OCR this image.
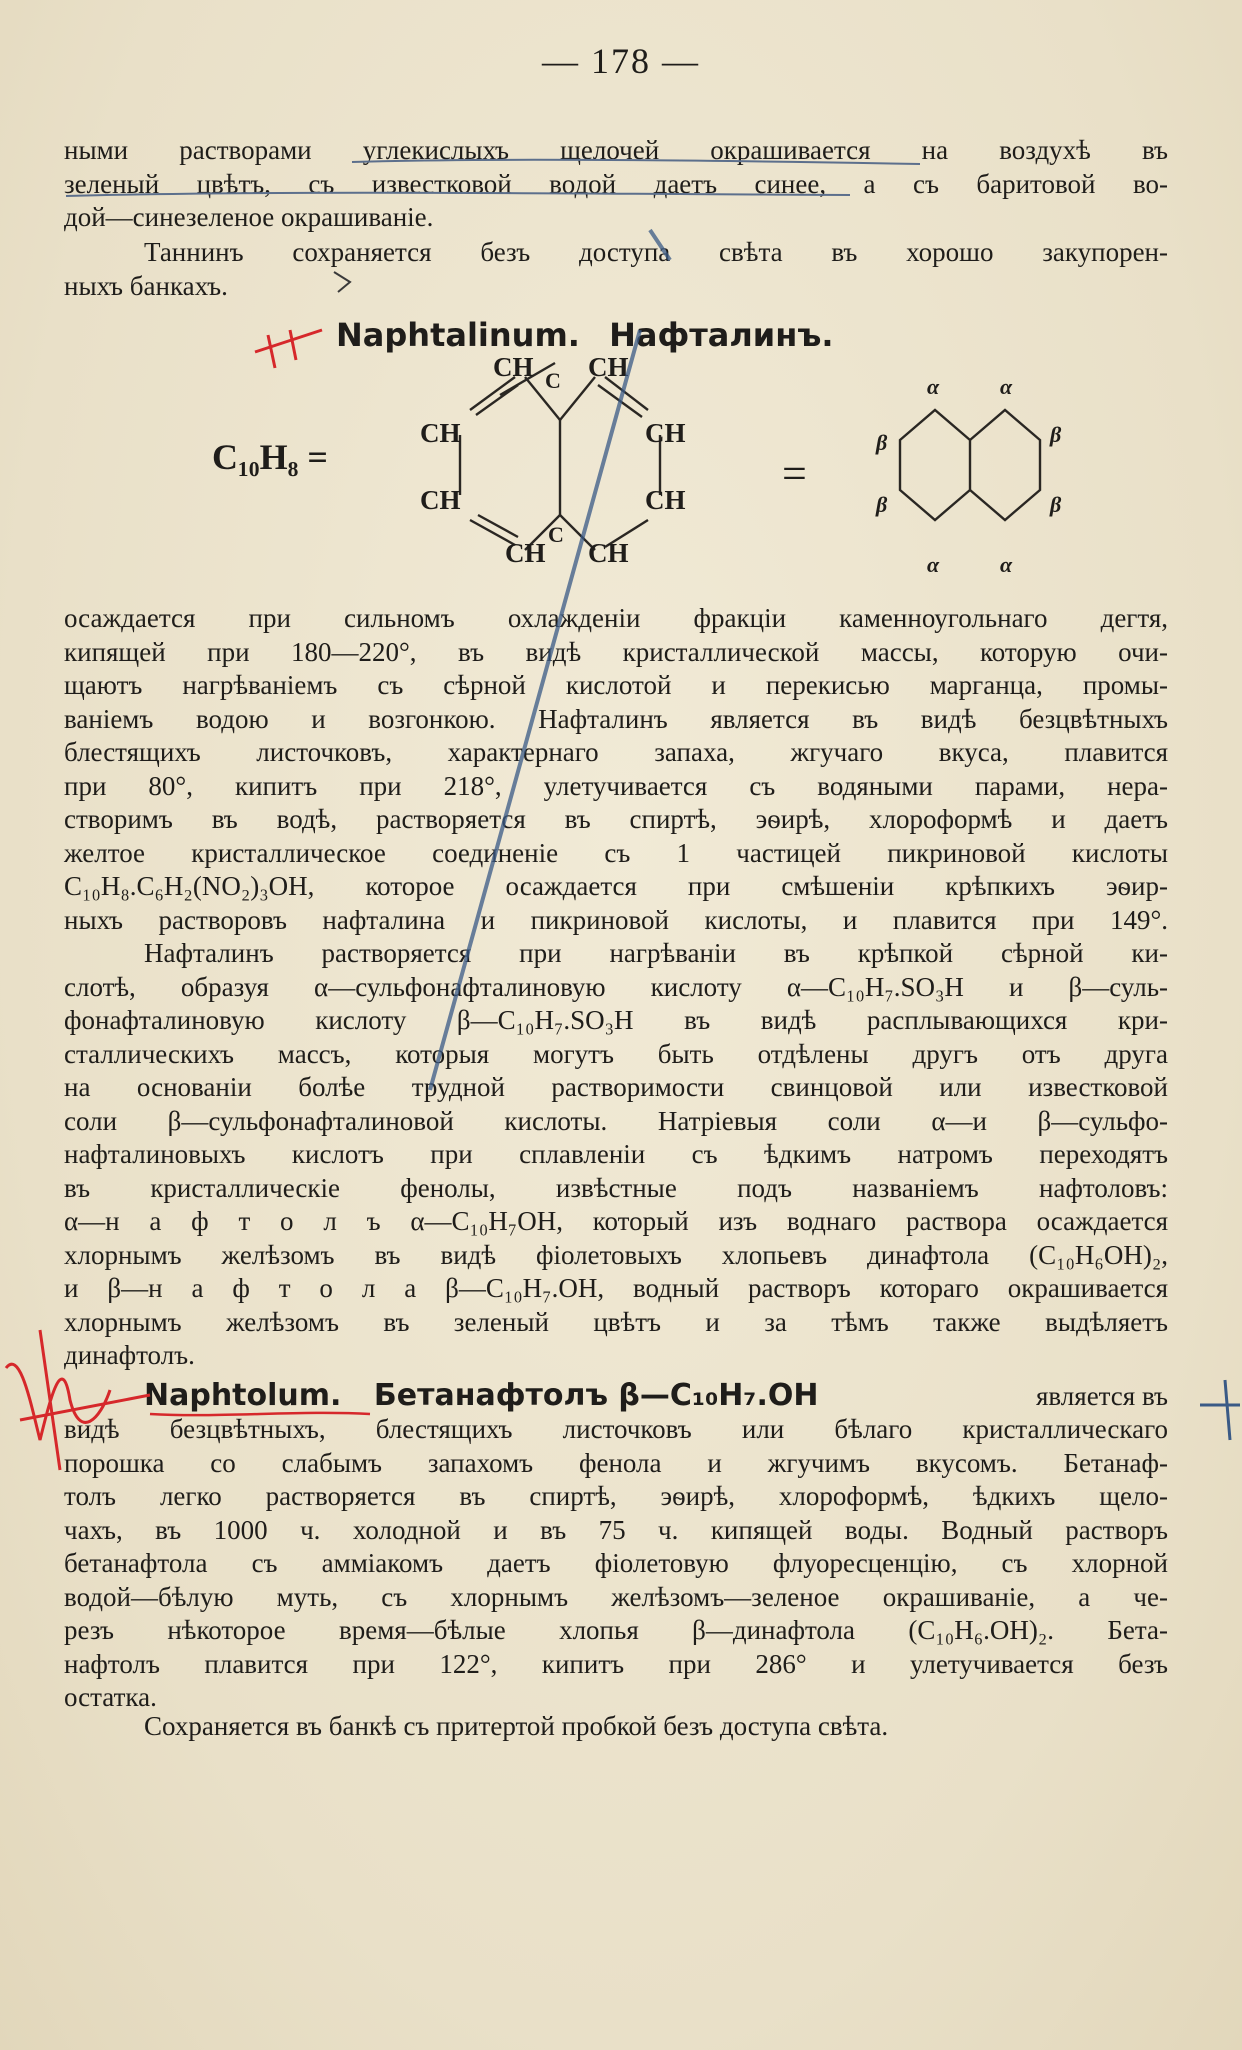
— 178 —
ными растворами углекислыхъ щелочей окрашивается на воздухѣ въ
зеленый цвѣтъ, съ известковой водой даетъ синее, а съ баритовой во-
дой—синезеленое окрашиваніе.
Таннинъ сохраняется безъ доступа свѣта въ хорошо закупорен-
ныхъ банкахъ.
Naphtalinum. Нафталинъ.
C₁₀H₈ =
CH C CH
CH
CH
CH
CH
CH
C
CH
=
α	α
β
β
β
β
α	α
осаждается при сильномъ охлажденіи фракціи каменноугольнаго дегтя,
кипящей при 180—220°, въ видѣ кристаллической массы, которую очи-
щаютъ нагрѣваніемъ съ сѣрной кислотой и перекисью марганца, промы-
ваніемъ водою и возгонкою. Нафталинъ является въ видѣ безцвѣтныхъ
блестящихъ листочковъ, характернаго запаха, жгучаго вкуса, плавится
при 80°, кипитъ при 218°, улетучивается съ водяными парами, нера-
створимъ въ водѣ, растворяется въ спиртѣ, эѳирѣ, хлороформѣ и даетъ
желтое кристаллическое соединеніе съ 1 частицей пикриновой кислоты
C₁₀H₈.C₆H₂(NO₂)₃OH, которое осаждается при смѣшеніи крѣпкихъ эѳир-
ныхъ растворовъ нафталина и пикриновой кислоты, и плавится при 149°.
Нафталинъ растворяется при нагрѣваніи въ крѣпкой сѣрной ки-
слотѣ, образуя α—сульфонафталиновую кислоту α—C₁₀H₇.SO₃H и β—суль-
фонафталиновую кислоту β—C₁₀H₇.SO₃H въ видѣ расплывающихся кри-
сталлическихъ массъ, которыя могутъ быть отдѣлены другъ отъ друга
на основаніи болѣе трудной растворимости свинцовой или известковой
соли β—сульфонафталиновой кислоты. Натріевыя соли α—и β—сульфо-
нафталиновыхъ кислотъ при сплавленіи съ ѣдкимъ натромъ переходятъ
въ кристаллическіе фенолы, извѣстные подъ названіемъ нафтоловъ:
α—н а ф т о л ъ α—C₁₀H₇OH, который изъ воднаго раствора осаждается
хлорнымъ желѣзомъ въ видѣ фіолетовыхъ хлопьевъ динафтола (C₁₀H₆OH)₂,
и β—н а ф т о л а β—C₁₀H₇.OH, водный растворъ котораго окрашивается
хлорнымъ желѣзомъ въ зеленый цвѣтъ и за тѣмъ также выдѣляетъ
динафтолъ.
Naphtolum. Бетанафтолъ β—C₁₀H₇.OH	является въ
видѣ безцвѣтныхъ, блестящихъ листочковъ или бѣлаго кристаллическаго
порошка со слабымъ запахомъ фенола и жгучимъ вкусомъ. Бетанаф-
толъ легко растворяется въ спиртѣ, эѳирѣ, хлороформѣ, ѣдкихъ щело-
чахъ, въ 1000 ч. холодной и въ 75 ч. кипящей воды. Водный растворъ
бетанафтола съ амміакомъ даетъ фіолетовую флуоресценцію, съ хлорной
водой—бѣлую муть, съ хлорнымъ желѣзомъ—зеленое окрашиваніе, а че-
резъ нѣкоторое время—бѣлые хлопья β—динафтола (C₁₀H₆.OH)₂. Бета-
нафтолъ плавится при 122°, кипитъ при 286° и улетучивается безъ
остатка.
Сохраняется въ банкѣ съ притертой пробкой безъ доступа свѣта.
